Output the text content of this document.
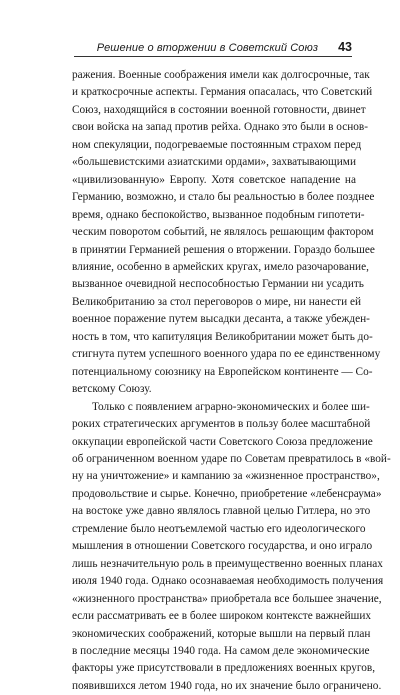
Решение о вторжении в Советский Союз 43

ражения. Военные соображения имели как долгосрочные, так
и краткосрочные аспекты. Германия опасалась, что Советский
Союз, находящийся в состоянии военной готовности, двинет
свои войска на запад против рейха. Однако это были в основ-
ном спекуляции, подогреваемые постоянным страхом перед
«большевистскими азиатскими ордами», захватывающими
«цивилизованную» Европу. Хотя советское нападение на
Германию, возможно, и стало бы реальностью в более позднее
время, однако беспокойство, вызванное подобным гипотети-
ческим поворотом событий, не являлось решающим фактором
в принятии Германией решения о вторжении. Гораздо большее
влияние, особенно в армейских кругах, имело разочарование,
вызванное очевидной неспособностью Германии ни усадить
Великобританию за стол переговоров о мире, ни нанести ей
военное поражение путем высадки десанта, а также убежден-
ность в том, что капитуляция Великобритании может быть до-
стигнута путем успешного военного удара по ее единственному
потенциальному союзнику на Европейском континенте — Со-
ветскому Союзу.

Только с появлением аграрно-экономических и более ши-
роких стратегических аргументов в пользу более масштабной
оккупации европейской части Советского Союза предложение
об ограниченном военном ударе по Советам превратилось в «вой-
ну на уничтожение» и кампанию за «жизненное пространство»,
продовольствие и сырье. Конечно, приобретение «лебенсраума»
на востоке уже давно являлось главной целью Гитлера, но это
стремление было неотъемлемой частью его идеологического
мышления в отношении Советского государства, и оно играло
лишь незначительную роль в преимущественно военных планах
июля 1940 года. Однако осознаваемая необходимость получения
«жизненного пространства» приобретала все большее значение,
если рассматривать ее в более широком контексте важнейших
экономических соображений, которые вышли на первый план
в последние месяцы 1940 года. На самом деле экономические
факторы уже присутствовали в предложениях военных кругов,
появившихся летом 1940 года, но их значение было ограничено.
